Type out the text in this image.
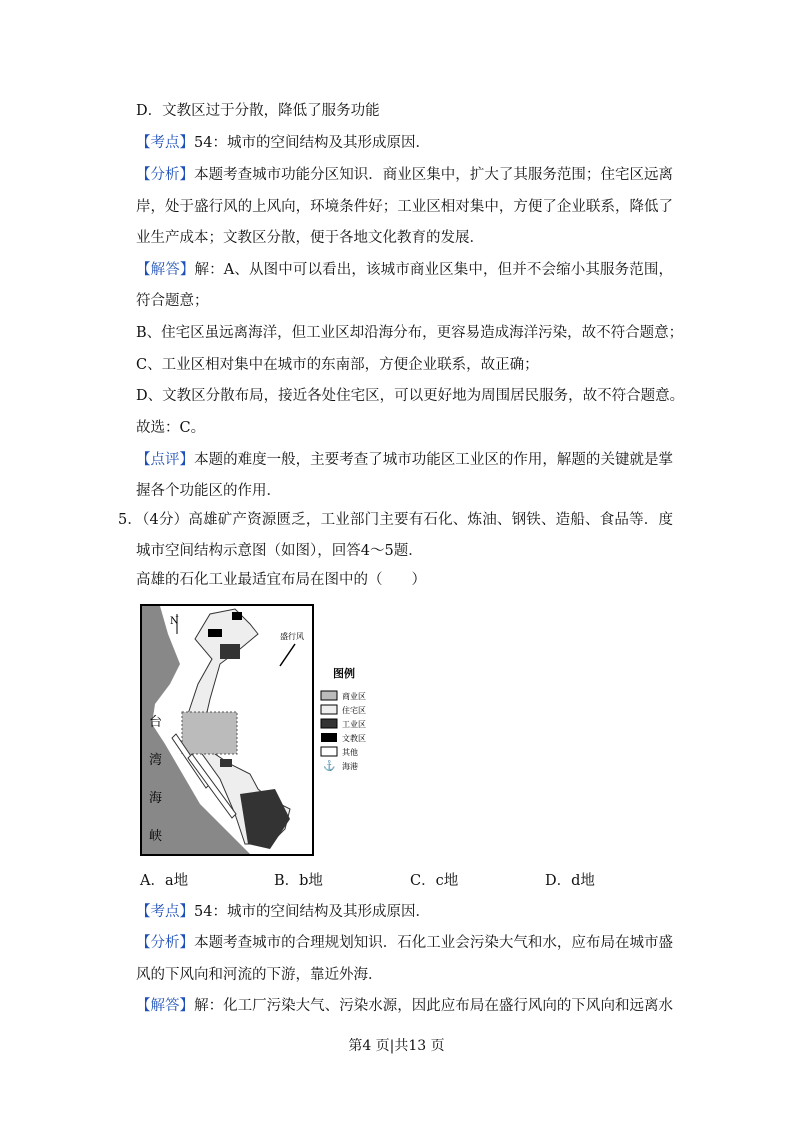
D．文教区过于分散，降低了服务功能
【考点】54：城市的空间结构及其形成原因．
【分析】本题考查城市功能分区知识．商业区集中，扩大了其服务范围；住宅区远离
岸，处于盛行风的上风向，环境条件好；工业区相对集中，方便了企业联系，降低了
业生产成本；文教区分散，便于各地文化教育的发展．
【解答】解：A、从图中可以看出，该城市商业区集中，但并不会缩小其服务范围，
符合题意；
B、住宅区虽远离海洋，但工业区却沿海分布，更容易造成海洋污染，故不符合题意；
C、工业区相对集中在城市的东南部，方便企业联系，故正确；
D、文教区分散布局，接近各处住宅区，可以更好地为周围居民服务，故不符合题意。
故选：C。
【点评】本题的难度一般，主要考查了城市功能区工业区的作用，解题的关键就是掌
握各个功能区的作用．
5．（4分）高雄矿产资源匮乏，工业部门主要有石化、炼油、钢铁、造船、食品等．度
城市空间结构示意图（如图），回答4～5题．
高雄的石化工业最适宜布局在图中的（　　）
N
盛行风
台
湾
海
峡
图例
商业区
住宅区
工业区
文教区
其他
⚓ 海港
A．a地	B．b地	C．c地	D．d地
【考点】54：城市的空间结构及其形成原因．
【分析】本题考查城市的合理规划知识．石化工业会污染大气和水，应布局在城市盛
风的下风向和河流的下游，靠近外海．
【解答】解：化工厂污染大气、污染水源，因此应布局在盛行风向的下风向和远离水
第4 页|共13 页
